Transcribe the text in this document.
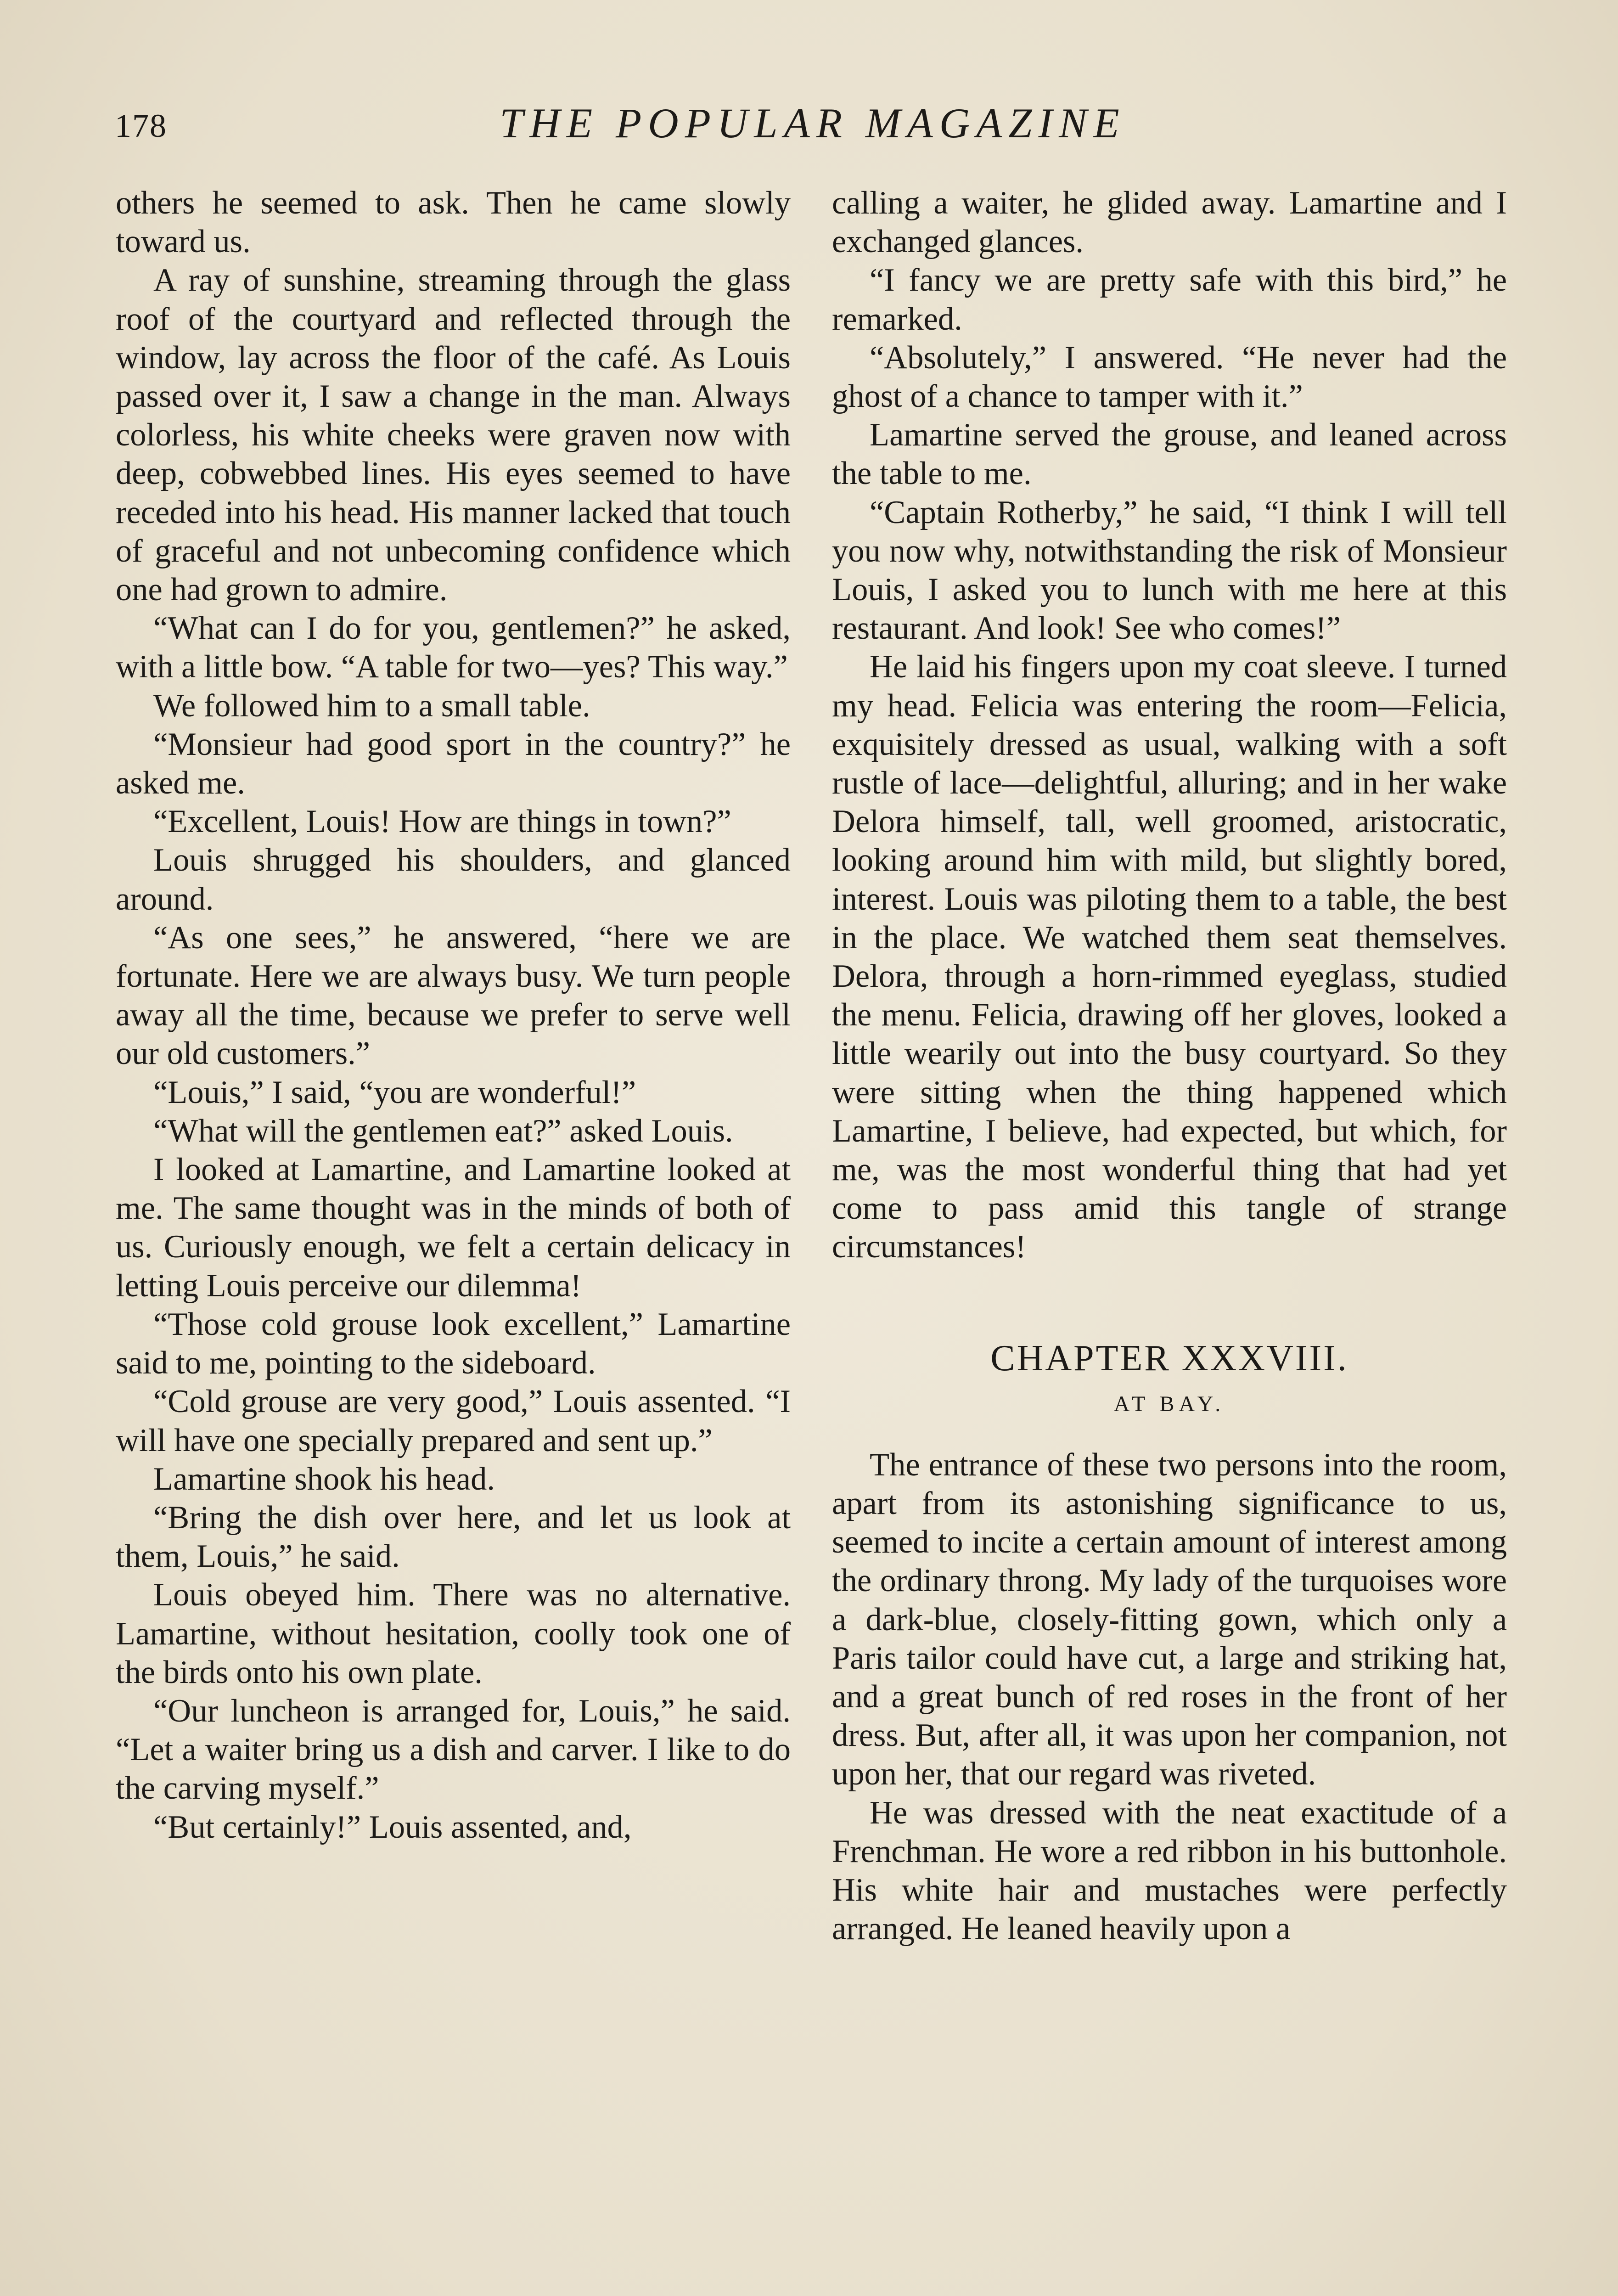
178	THE POPULAR MAGAZINE

others he seemed to ask. Then he came slowly toward us.

A ray of sunshine, streaming through the glass roof of the courtyard and reflected through the window, lay across the floor of the café. As Louis passed over it, I saw a change in the man. Always colorless, his white cheeks were graven now with deep, cobwebbed lines. His eyes seemed to have receded into his head. His manner lacked that touch of graceful and not unbecoming confidence which one had grown to admire.

“What can I do for you, gentlemen?” he asked, with a little bow. “A table for two—yes? This way.”

We followed him to a small table.

“Monsieur had good sport in the country?” he asked me.

“Excellent, Louis! How are things in town?”

Louis shrugged his shoulders, and glanced around.

“As one sees,” he answered, “here we are fortunate. Here we are always busy. We turn people away all the time, because we prefer to serve well our old customers.”

“Louis,” I said, “you are wonderful!”

“What will the gentlemen eat?” asked Louis.

I looked at Lamartine, and Lamartine looked at me. The same thought was in the minds of both of us. Curiously enough, we felt a certain delicacy in letting Louis perceive our dilemma!

“Those cold grouse look excellent,” Lamartine said to me, pointing to the sideboard.

“Cold grouse are very good,” Louis assented. “I will have one specially prepared and sent up.”

Lamartine shook his head.

“Bring the dish over here, and let us look at them, Louis,” he said.

Louis obeyed him. There was no alternative. Lamartine, without hesitation, coolly took one of the birds onto his own plate.

“Our luncheon is arranged for, Louis,” he said. “Let a waiter bring us a dish and carver. I like to do the carving myself.”

“But certainly!” Louis assented, and,

calling a waiter, he glided away. Lamartine and I exchanged glances.

“I fancy we are pretty safe with this bird,” he remarked.

“Absolutely,” I answered. “He never had the ghost of a chance to tamper with it.”

Lamartine served the grouse, and leaned across the table to me.

“Captain Rotherby,” he said, “I think I will tell you now why, notwithstanding the risk of Monsieur Louis, I asked you to lunch with me here at this restaurant. And look! See who comes!”

He laid his fingers upon my coat sleeve. I turned my head. Felicia was entering the room—Felicia, exquisitely dressed as usual, walking with a soft rustle of lace—delightful, alluring; and in her wake Delora himself, tall, well groomed, aristocratic, looking around him with mild, but slightly bored, interest. Louis was piloting them to a table, the best in the place. We watched them seat themselves. Delora, through a horn-rimmed eyeglass, studied the menu. Felicia, drawing off her gloves, looked a little wearily out into the busy courtyard. So they were sitting when the thing happened which Lamartine, I believe, had expected, but which, for me, was the most wonderful thing that had yet come to pass amid this tangle of strange circumstances!

CHAPTER XXXVIII.
AT BAY.

The entrance of these two persons into the room, apart from its astonishing significance to us, seemed to incite a certain amount of interest among the ordinary throng. My lady of the turquoises wore a dark-blue, closely-fitting gown, which only a Paris tailor could have cut, a large and striking hat, and a great bunch of red roses in the front of her dress. But, after all, it was upon her companion, not upon her, that our regard was riveted.

He was dressed with the neat exactitude of a Frenchman. He wore a red ribbon in his buttonhole. His white hair and mustaches were perfectly arranged. He leaned heavily upon a
